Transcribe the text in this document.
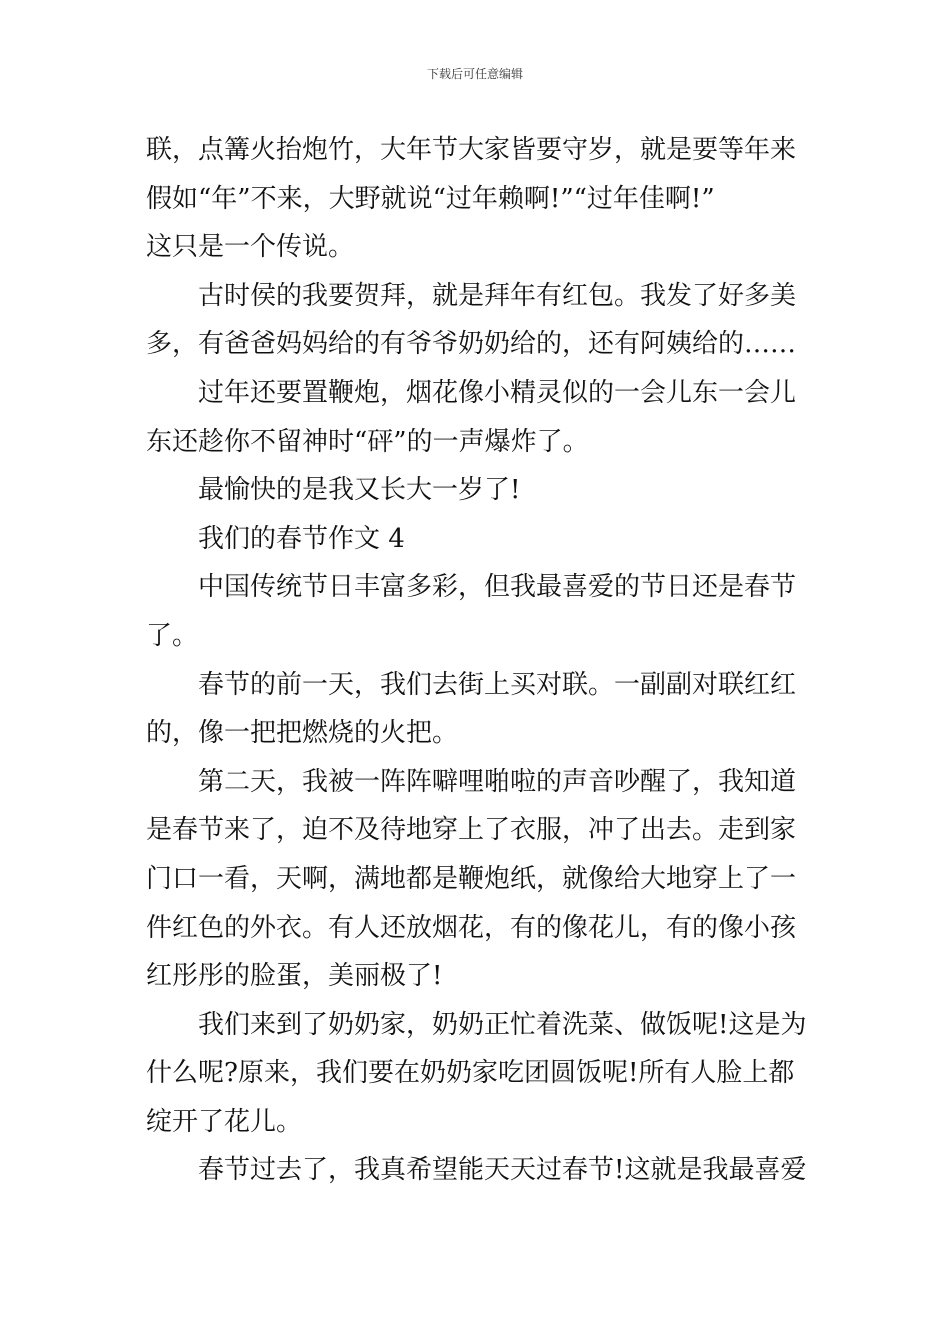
下载后可任意编辑
联，点篝火抬炮竹，大年节大家皆要守岁，就是要等年来
假如“年”不来，大野就说“过年赖啊!”“过年佳啊!”
这只是一个传说。
古时侯的我要贺拜，就是拜年有红包。我发了好多美
多，有爸爸妈妈给的有爷爷奶奶给的，还有阿姨给的……
过年还要置鞭炮，烟花像小精灵似的一会儿东一会儿
东还趁你不留神时“砰”的一声爆炸了。
最愉快的是我又长大一岁了!
我们的春节作文 4
中国传统节日丰富多彩，但我最喜爱的节日还是春节
了。
春节的前一天，我们去街上买对联。一副副对联红红
的，像一把把燃烧的火把。
第二天，我被一阵阵噼哩啪啦的声音吵醒了，我知道
是春节来了，迫不及待地穿上了衣服，冲了出去。走到家
门口一看，天啊，满地都是鞭炮纸，就像给大地穿上了一
件红色的外衣。有人还放烟花，有的像花儿，有的像小孩
红彤彤的脸蛋，美丽极了!
我们来到了奶奶家，奶奶正忙着洗菜、做饭呢!这是为
什么呢?原来，我们要在奶奶家吃团圆饭呢!所有人脸上都
绽开了花儿。
春节过去了，我真希望能天天过春节!这就是我最喜爱
